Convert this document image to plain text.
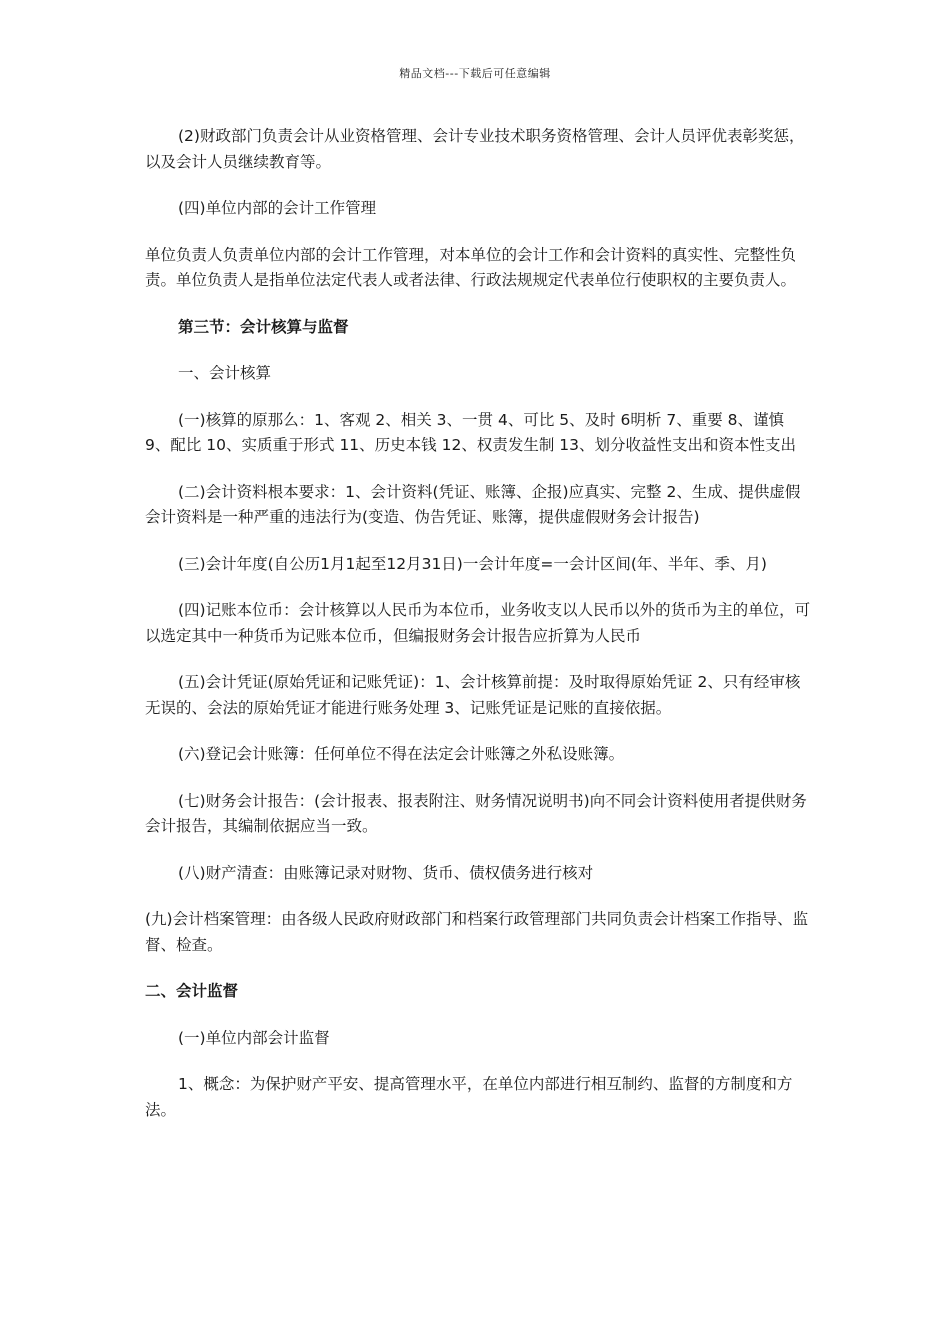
精品文档---下载后可任意编辑

(2)财政部门负责会计从业资格管理、会计专业技术职务资格管理、会计人员评优表彰奖惩，以及会计人员继续教育等。

(四)单位内部的会计工作管理

单位负责人负责单位内部的会计工作管理，对本单位的会计工作和会计资料的真实性、完整性负责。单位负责人是指单位法定代表人或者法律、行政法规规定代表单位行使职权的主要负责人。

第三节：会计核算与监督

一、会计核算

(一)核算的原那么：1、客观 2、相关 3、一贯 4、可比 5、及时 6明析 7、重要 8、谨慎 9、配比 10、实质重于形式 11、历史本钱 12、权责发生制 13、划分收益性支出和资本性支出

(二)会计资料根本要求：1、会计资料(凭证、账簿、企报)应真实、完整 2、生成、提供虚假会计资料是一种严重的违法行为(变造、伪告凭证、账簿，提供虚假财务会计报告)

(三)会计年度(自公历1月1起至12月31日)一会计年度=一会计区间(年、半年、季、月)

(四)记账本位币：会计核算以人民币为本位币，业务收支以人民币以外的货币为主的单位，可以选定其中一种货币为记账本位币，但编报财务会计报告应折算为人民币

(五)会计凭证(原始凭证和记账凭证)：1、会计核算前提：及时取得原始凭证 2、只有经审核无误的、会法的原始凭证才能进行账务处理 3、记账凭证是记账的直接依据。

(六)登记会计账簿：任何单位不得在法定会计账簿之外私设账簿。

(七)财务会计报告：(会计报表、报表附注、财务情况说明书)向不同会计资料使用者提供财务会计报告，其编制依据应当一致。

(八)财产清查：由账簿记录对财物、货币、债权债务进行核对

(九)会计档案管理：由各级人民政府财政部门和档案行政管理部门共同负责会计档案工作指导、监督、检查。

二、会计监督

(一)单位内部会计监督

1、概念：为保护财产平安、提高管理水平，在单位内部进行相互制约、监督的方制度和方法。
